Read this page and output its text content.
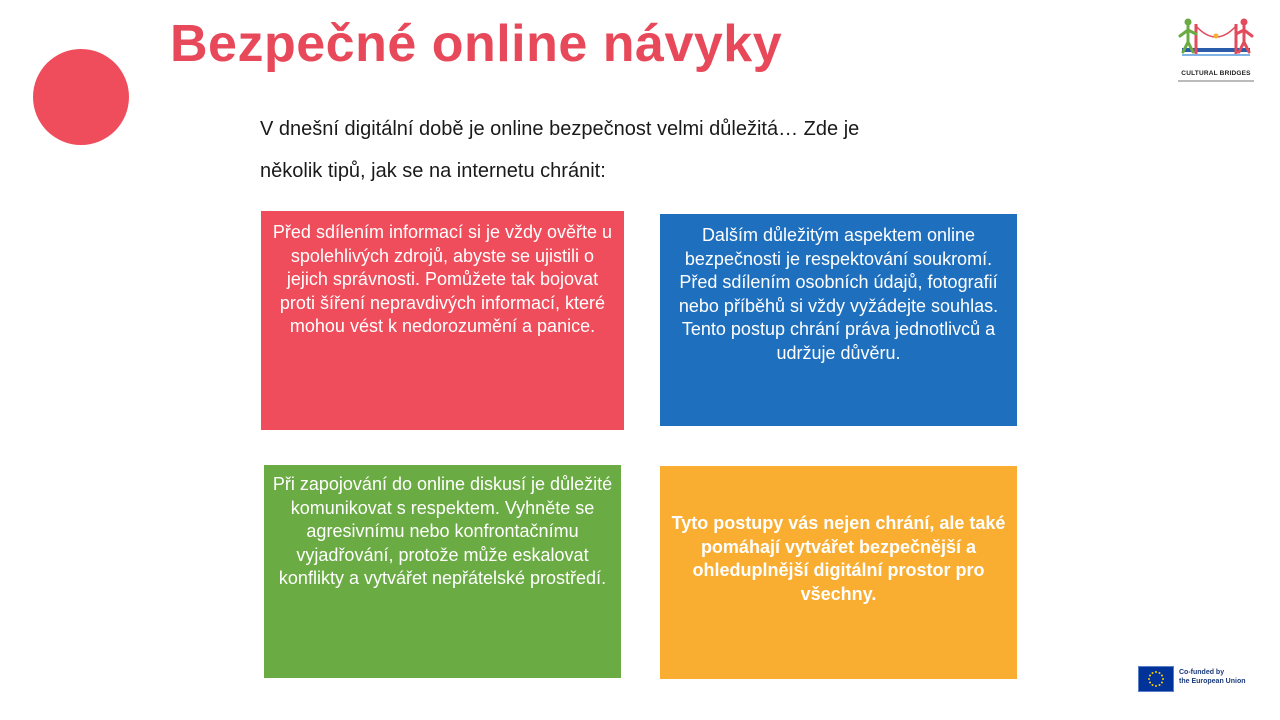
Bezpečné online návyky
V dnešní digitální době je online bezpečnost velmi důležitá… Zde je
několik tipů, jak se na internetu chránit:
Před sdílením informací si je vždy ověřte u spolehlivých zdrojů, abyste se ujistili o jejich správnosti. Pomůžete tak bojovat proti šíření nepravdivých informací, které mohou vést k nedorozumění a panice.
Dalším důležitým aspektem online bezpečnosti je respektování soukromí. Před sdílením osobních údajů, fotografií nebo příběhů si vždy vyžádejte souhlas. Tento postup chrání práva jednotlivců a udržuje důvěru.
Při zapojování do online diskusí je důležité komunikovat s respektem. Vyhněte se agresivnímu nebo konfrontačnímu vyjadřování, protože může eskalovat konflikty a vytvářet nepřátelské prostředí.
Tyto postupy vás nejen chrání, ale také pomáhají vytvářet bezpečnější a ohleduplnější digitální prostor pro všechny.
CULTURAL BRIDGES
Co-funded by
the European Union
